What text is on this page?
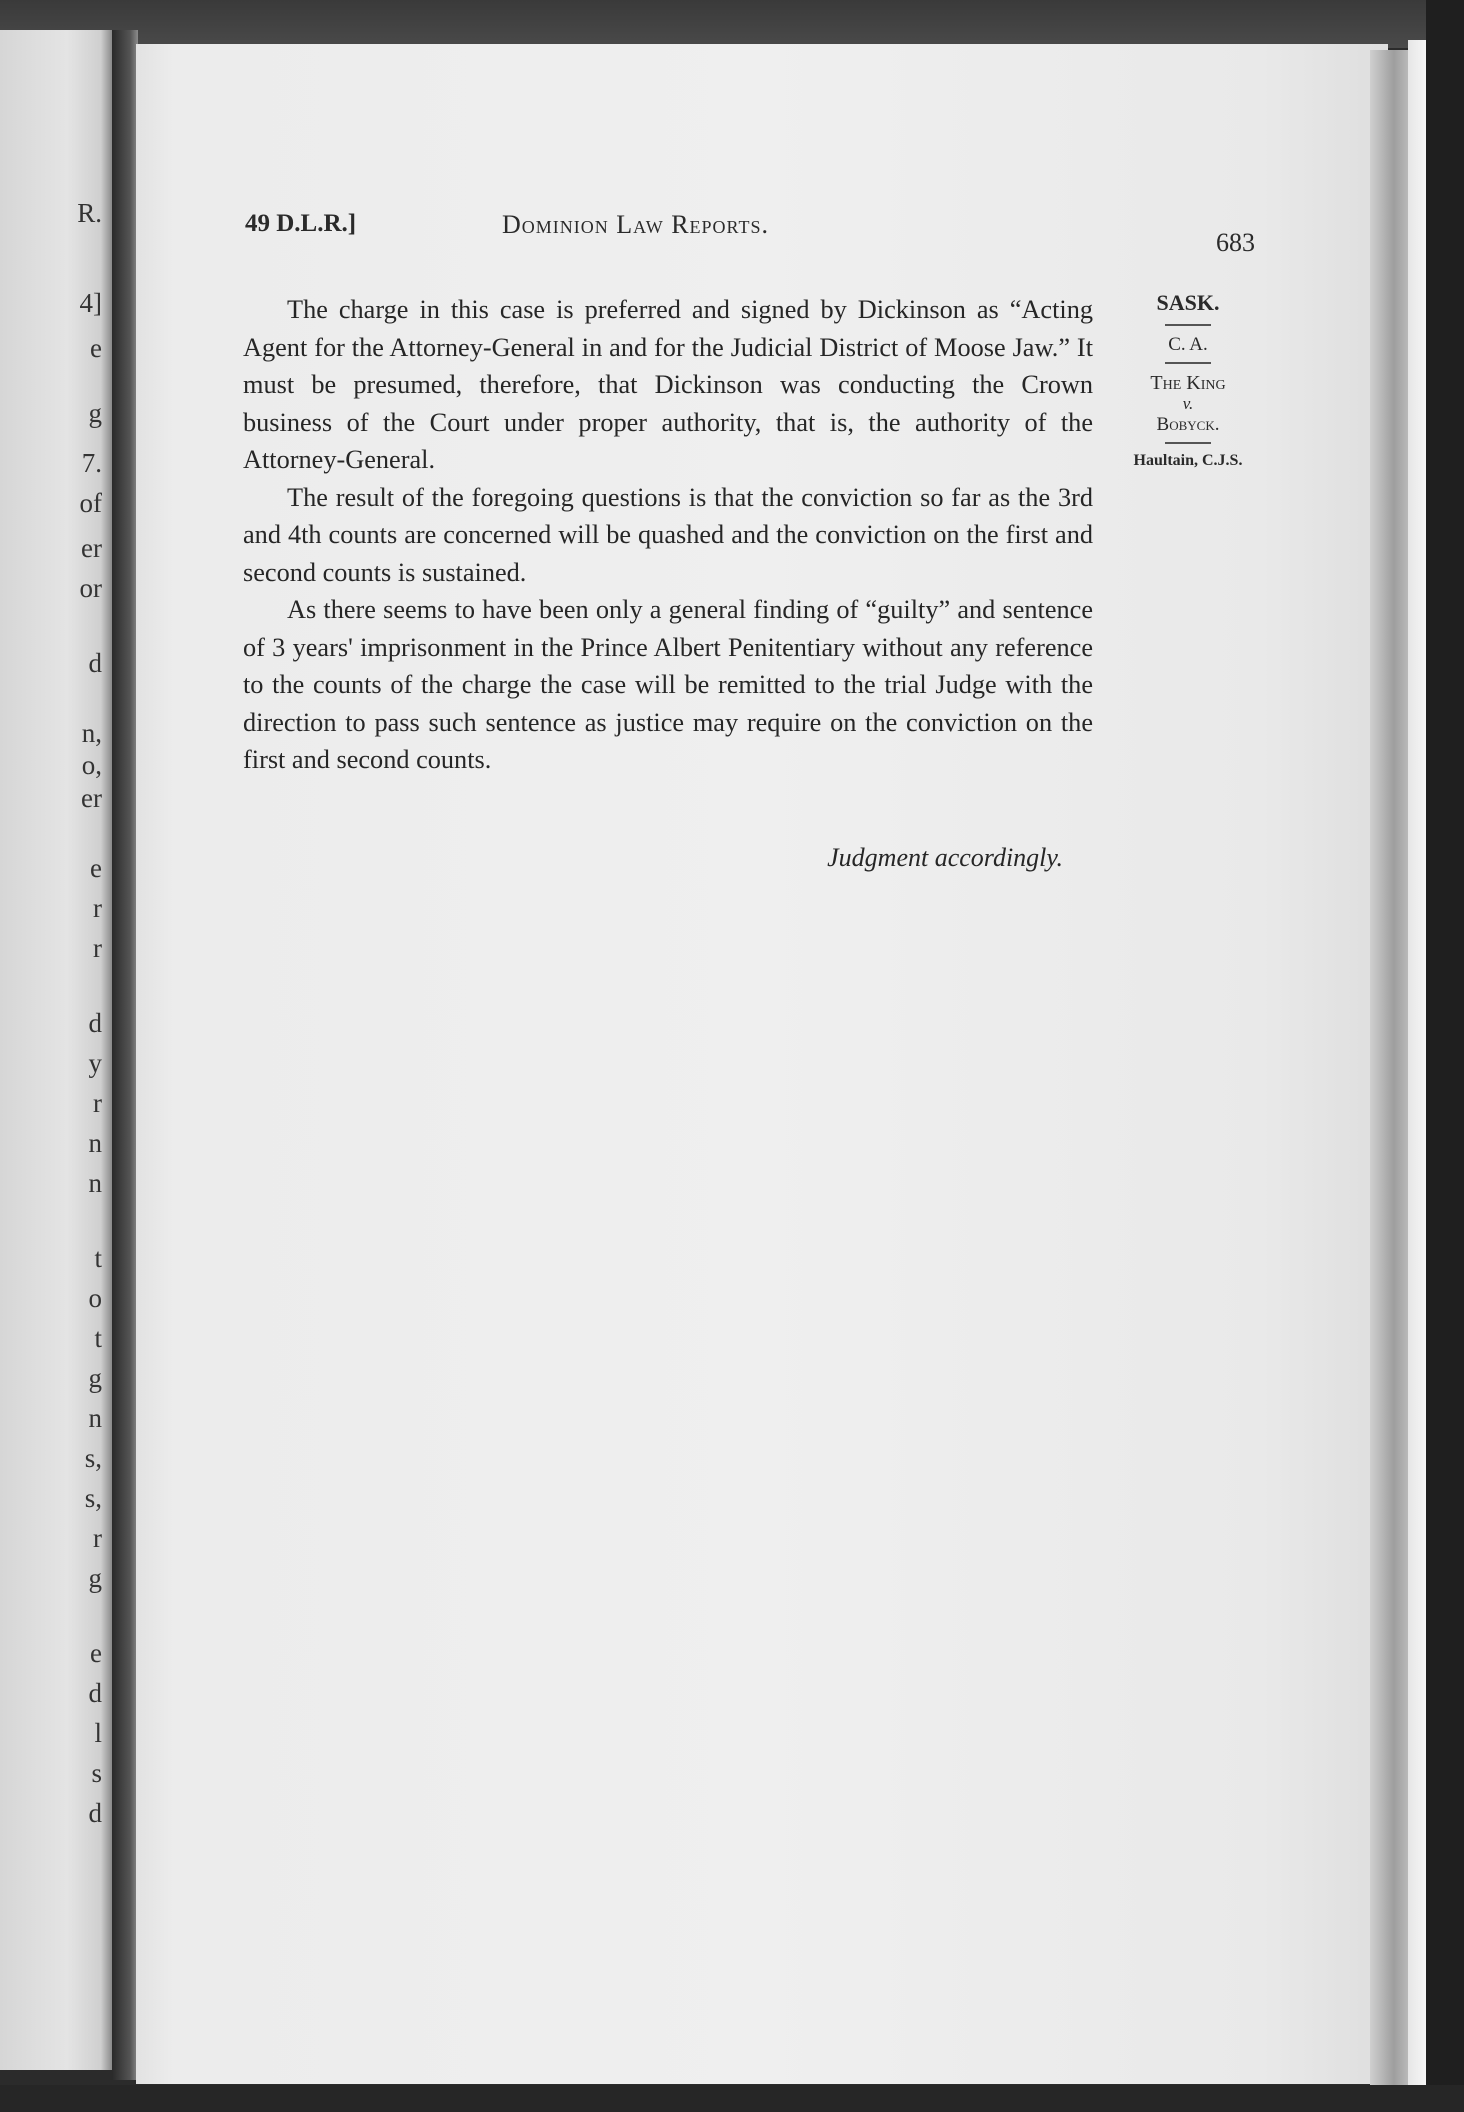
R.
4]
e
g
7.
of
er
or
d
n,
o,
er
e
r
r
d
y
r
n
n
t
o
t
g
n
s,
s,
r
g
e
d
l
s
d
49 D.L.R.]	Dominion Law Reports.
683

The charge in this case is preferred and signed by Dickinson as “Acting Agent for the Attorney-General in and for the Judicial District of Moose Jaw.” It must be presumed, therefore, that Dickinson was conducting the Crown business of the Court under proper authority, that is, the authority of the Attorney-General.

The result of the foregoing questions is that the conviction so far as the 3rd and 4th counts are concerned will be quashed and the conviction on the first and second counts is sustained.

As there seems to have been only a general finding of “guilty” and sentence of 3 years' imprisonment in the Prince Albert Penitentiary without any reference to the counts of the charge the case will be remitted to the trial Judge with the direction to pass such sentence as justice may require on the conviction on the first and second counts.

Judgment accordingly.
SASK.
C. A.
The King
v.
Bobyck.
Haultain, C.J.S.
